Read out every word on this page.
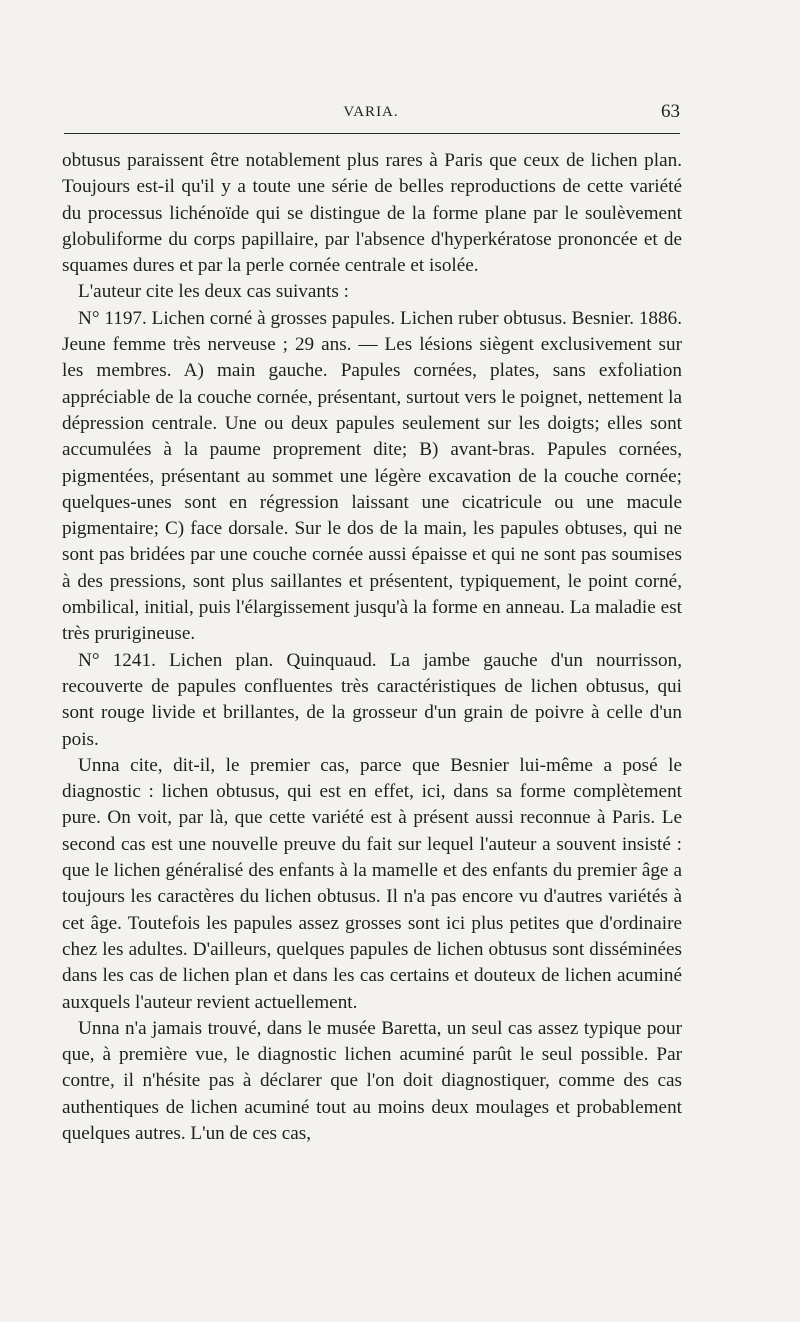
VARIA.	63

obtusus paraissent être notablement plus rares à Paris que ceux de lichen plan. Toujours est-il qu'il y a toute une série de belles reproductions de cette variété du processus lichénoïde qui se distingue de la forme plane par le soulèvement globuliforme du corps papillaire, par l'absence d'hyperkératose prononcée et de squames dures et par la perle cornée centrale et isolée.

L'auteur cite les deux cas suivants :

N° 1197. Lichen corné à grosses papules. Lichen ruber obtusus. Besnier. 1886. Jeune femme très nerveuse ; 29 ans. — Les lésions siègent exclusivement sur les membres. A) main gauche. Papules cornées, plates, sans exfoliation appréciable de la couche cornée, présentant, surtout vers le poignet, nettement la dépression centrale. Une ou deux papules seulement sur les doigts; elles sont accumulées à la paume proprement dite; B) avant-bras. Papules cornées, pigmentées, présentant au sommet une légère excavation de la couche cornée; quelques-unes sont en régression laissant une cicatricule ou une macule pigmentaire; C) face dorsale. Sur le dos de la main, les papules obtuses, qui ne sont pas bridées par une couche cornée aussi épaisse et qui ne sont pas soumises à des pressions, sont plus saillantes et présentent, typiquement, le point corné, ombilical, initial, puis l'élargissement jusqu'à la forme en anneau. La maladie est très prurigineuse.

N° 1241. Lichen plan. Quinquaud. La jambe gauche d'un nourrisson, recouverte de papules confluentes très caractéristiques de lichen obtusus, qui sont rouge livide et brillantes, de la grosseur d'un grain de poivre à celle d'un pois.

Unna cite, dit-il, le premier cas, parce que Besnier lui-même a posé le diagnostic : lichen obtusus, qui est en effet, ici, dans sa forme complètement pure. On voit, par là, que cette variété est à présent aussi reconnue à Paris. Le second cas est une nouvelle preuve du fait sur lequel l'auteur a souvent insisté : que le lichen généralisé des enfants à la mamelle et des enfants du premier âge a toujours les caractères du lichen obtusus. Il n'a pas encore vu d'autres variétés à cet âge. Toutefois les papules assez grosses sont ici plus petites que d'ordinaire chez les adultes. D'ailleurs, quelques papules de lichen obtusus sont disséminées dans les cas de lichen plan et dans les cas certains et douteux de lichen acuminé auxquels l'auteur revient actuellement.

Unna n'a jamais trouvé, dans le musée Baretta, un seul cas assez typique pour que, à première vue, le diagnostic lichen acuminé parût le seul possible. Par contre, il n'hésite pas à déclarer que l'on doit diagnostiquer, comme des cas authentiques de lichen acuminé tout au moins deux moulages et probablement quelques autres. L'un de ces cas,
